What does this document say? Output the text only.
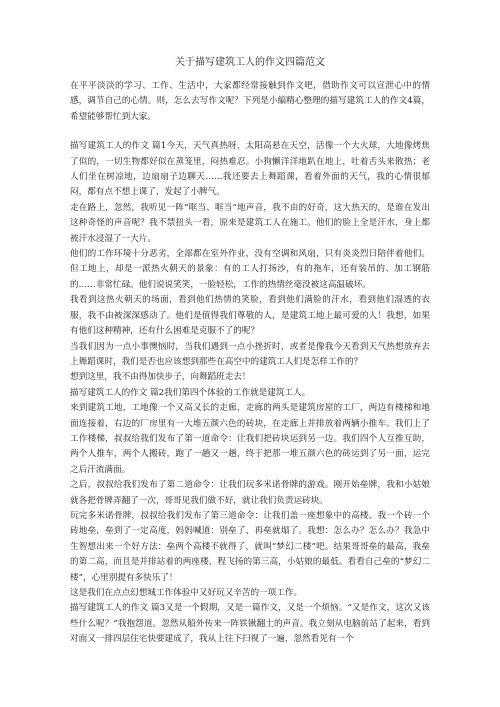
关于描写建筑工人的作文四篇范文

在平平淡淡的学习、工作、生活中，大家都经常接触到作文吧，借助作文可以宣泄心中的情感，调节自己的心情。则，怎么去写作文呢？下列是小编精心整理的描写建筑工人的作文4篇，希望能够帮忙到大家。

描写建筑工人的作文 篇1今天，天气真热呀，太阳高悬在天空，活像一个大火球，大地像烤焦了似的，一切生物都好似在蒸笼里，闷热难忍。小狗懒洋洋地趴在地上，吐着舌头来散热；老人们坐在树凉地，边扇扇子边聊天……我还要去上舞蹈课，看着外面的天气，我的心情很郁闷，都有点不想上课了，发起了小脾气。

走在路上，忽然，我听见一阵“哐当、哐当”地声音，我不由的好奇，这大热天的，是谁在发出这种奇怪的声音呢？我不禁扭头一看，原来是建筑工人在施工。他们的脸上全是汗水，身上都被汗水浸湿了一大片。

他们的工作环境十分恶劣，全部都在室外作业，没有空调和风扇，只有炎炎烈日陪伴着他们。但工地上，却是一派热火朝天的景象：有的工人打扬沙，有的拖车，还有装吊的、加工钢筋的……非常忙碌。他们说说笑笑，一脸轻松，工作的热情丝毫没被这高温破坏。

我看到这热火朝天的场面，看到他们热情的笑脸，看到他们满脸的汗水，看到他们湿透的衣服，我不由被深深感动了。他们是值得我们尊敬的人，是建筑工地上最可爱的人！我想，如果有他们这种精神，还有什么困难是克服不了的呢？

当我们因为一点小事懊恼时，当我们遇到一点小挫折时，或者是像我今天看到天气热想放弃去上舞蹈课时，我们是否也应该想到那些在高空中的建筑工人们是怎样工作的？

想到这里，我不由得加快步子，向舞蹈班走去！

描写建筑工人的作文 篇2我们第四个体验的工作就是建筑工人。

来到建筑工地，工地像一个又高又长的走廊，走廊的两头是建筑房屋的工厂，两边有楼梯和地面连接着，右边的厂房里有一大堆五颜六色的砖块，在走廊上并排放着两辆小推车。我们上了工作楼梯，叔叔给我们发布了第一道命令：让我们把砖块运到另一边。我们四个人互推互助，两个人推车，两个人搬砖，跑了一趟又一趟，终于把那一堆五颜六色的砖运到了另一面，运完之后汗流满面。

之后，叔叔给我们发布了第二道命令：让我们玩多米诺骨牌的游戏。刚开始垒牌，我和小姑娘就各把骨牌弄翻了一次，哥哥见我们做不好，就让我们负责运砖块。

玩完多米诺骨牌，叔叔给我们发布了第三道命令：让我们盖一座想象中的高楼。我一个砖一个砖地垒，垒到了一定高度，妈妈喊道：别垒了，再垒就塌了。我想：怎么办？怎么办？我急中生智想出来一个好方法：垒两个高楼不就得了，就叫“梦幻二楼”吧。结果哥哥垒的最高，我垒的第二高，而且是并排站着的两座楼，程飞扬的第三高，小姑娘的最低。看看自己垒的“梦幻二楼”，心里别提有多快乐了！

这是我们在点点幻想城工作体验中又好玩又辛苦的一项工作。

描写建筑工人的作文 篇3又是一个假期，又是一篇作文，又是一个烦恼。“又是作文，这次又该些什么呢？”我抱怨道。忽然从船外传来一阵铁锹翻土的声音。我立刻从电脑前站了起来，看到对面又一排四层住宅快要建成了，我从上往下扫视了一遍，忽然看见有一个
